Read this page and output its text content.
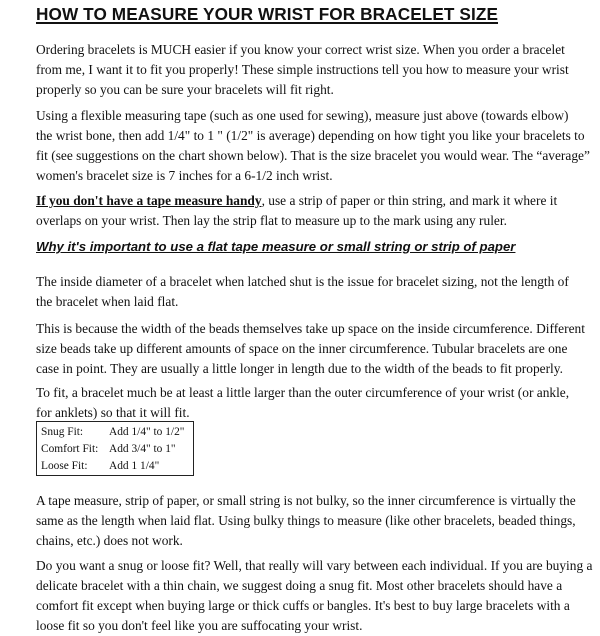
HOW TO MEASURE YOUR WRIST FOR BRACELET SIZE
Ordering bracelets is MUCH easier if you know your correct wrist size. When you order a bracelet
from me, I want it to fit you properly! These simple instructions tell you how to measure your wrist
properly so you can be sure your bracelets will fit right.
Using a flexible measuring tape (such as one used for sewing), measure just above (towards elbow)
the wrist bone, then add 1/4" to 1 " (1/2" is average) depending on how tight you like your bracelets to
fit (see suggestions on the chart shown below). That is the size bracelet you would wear. The “average”
women's bracelet size is 7 inches for a 6-1/2 inch wrist.
If you don't have a tape measure handy, use a strip of paper or thin string, and mark it where it
overlaps on your wrist. Then lay the strip flat to measure up to the mark using any ruler.
Why it's important to use a flat tape measure or small string or strip of paper
The inside diameter of a bracelet when latched shut is the issue for bracelet sizing, not the length of
the bracelet when laid flat.
This is because the width of the beads themselves take up space on the inside circumference. Different
size beads take up different amounts of space on the inner circumference. Tubular bracelets are one
case in point. They are usually a little longer in length due to the width of the beads to fit properly.
To fit, a bracelet much be at least a little larger than the outer circumference of your wrist (or ankle,
for anklets) so that it will fit.
Snug Fit: Add 1/4" to 1/2"
Comfort Fit: Add 3/4" to 1"
Loose Fit: Add 1 1/4"
A tape measure, strip of paper, or small string is not bulky, so the inner circumference is virtually the
same as the length when laid flat. Using bulky things to measure (like other bracelets, beaded things,
chains, etc.) does not work.
Do you want a snug or loose fit? Well, that really will vary between each individual. If you are buying a
delicate bracelet with a thin chain, we suggest doing a snug fit. Most other bracelets should have a
comfort fit except when buying large or thick cuffs or bangles. It's best to buy large bracelets with a
loose fit so you don't feel like you are suffocating your wrist.
